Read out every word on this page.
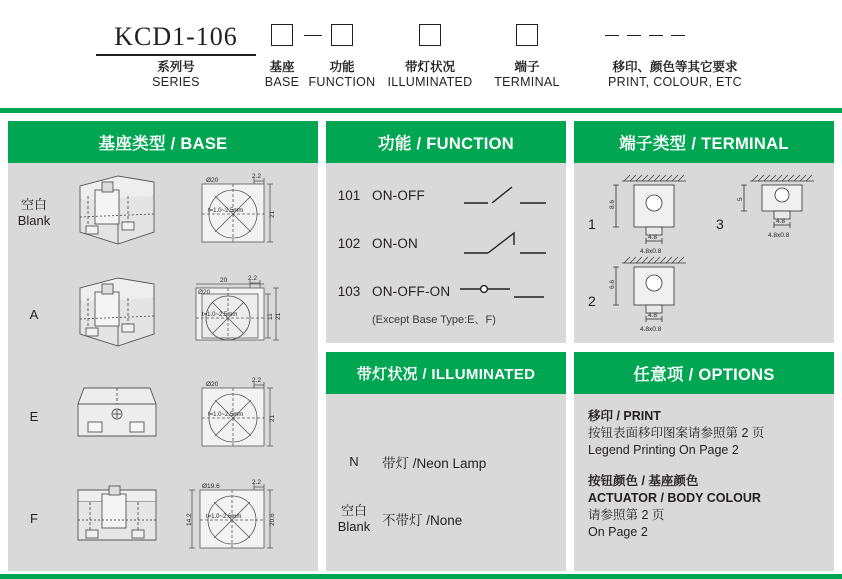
KCD1-106
系列号
SERIES
基座
BASE
功能
FUNCTION
带灯状况
ILLUMINATED
端子
TERMINAL
移印、颜色等其它要求
PRINT, COLOUR, ETC
基座类型 / BASE
空白
Blank
Ø20
2.2
21
t=1.0~2.5mm
A
20
Ø20
2.2
11 21
t=1.0~2.5mm
E
Ø20
2.2
21
t=1.0~2.5mm
F
Ø19.6
2.2
14.2	20.6
t=1.0~2.6mm
功能 / FUNCTION
101 ON-OFF
102 ON-ON
103 ON-OFF-ON
(Except Base Type:E、F)
带灯状况 / ILLUMINATED
N	带灯 /Neon Lamp
空白
Blank 不带灯 /None
端子类型 / TERMINAL
1
8.6
4.8
4.8x0.8
2
6.6
4.8
4.8x0.8
3
5
4.8
4.8x0.8
任意项 / OPTIONS
移印 / PRINT
按钮表面移印图案请参照第 2 页
Legend Printing On Page 2
按钮颜色 / 基座颜色
ACTUATOR / BODY COLOUR
请参照第 2 页
On Page 2
